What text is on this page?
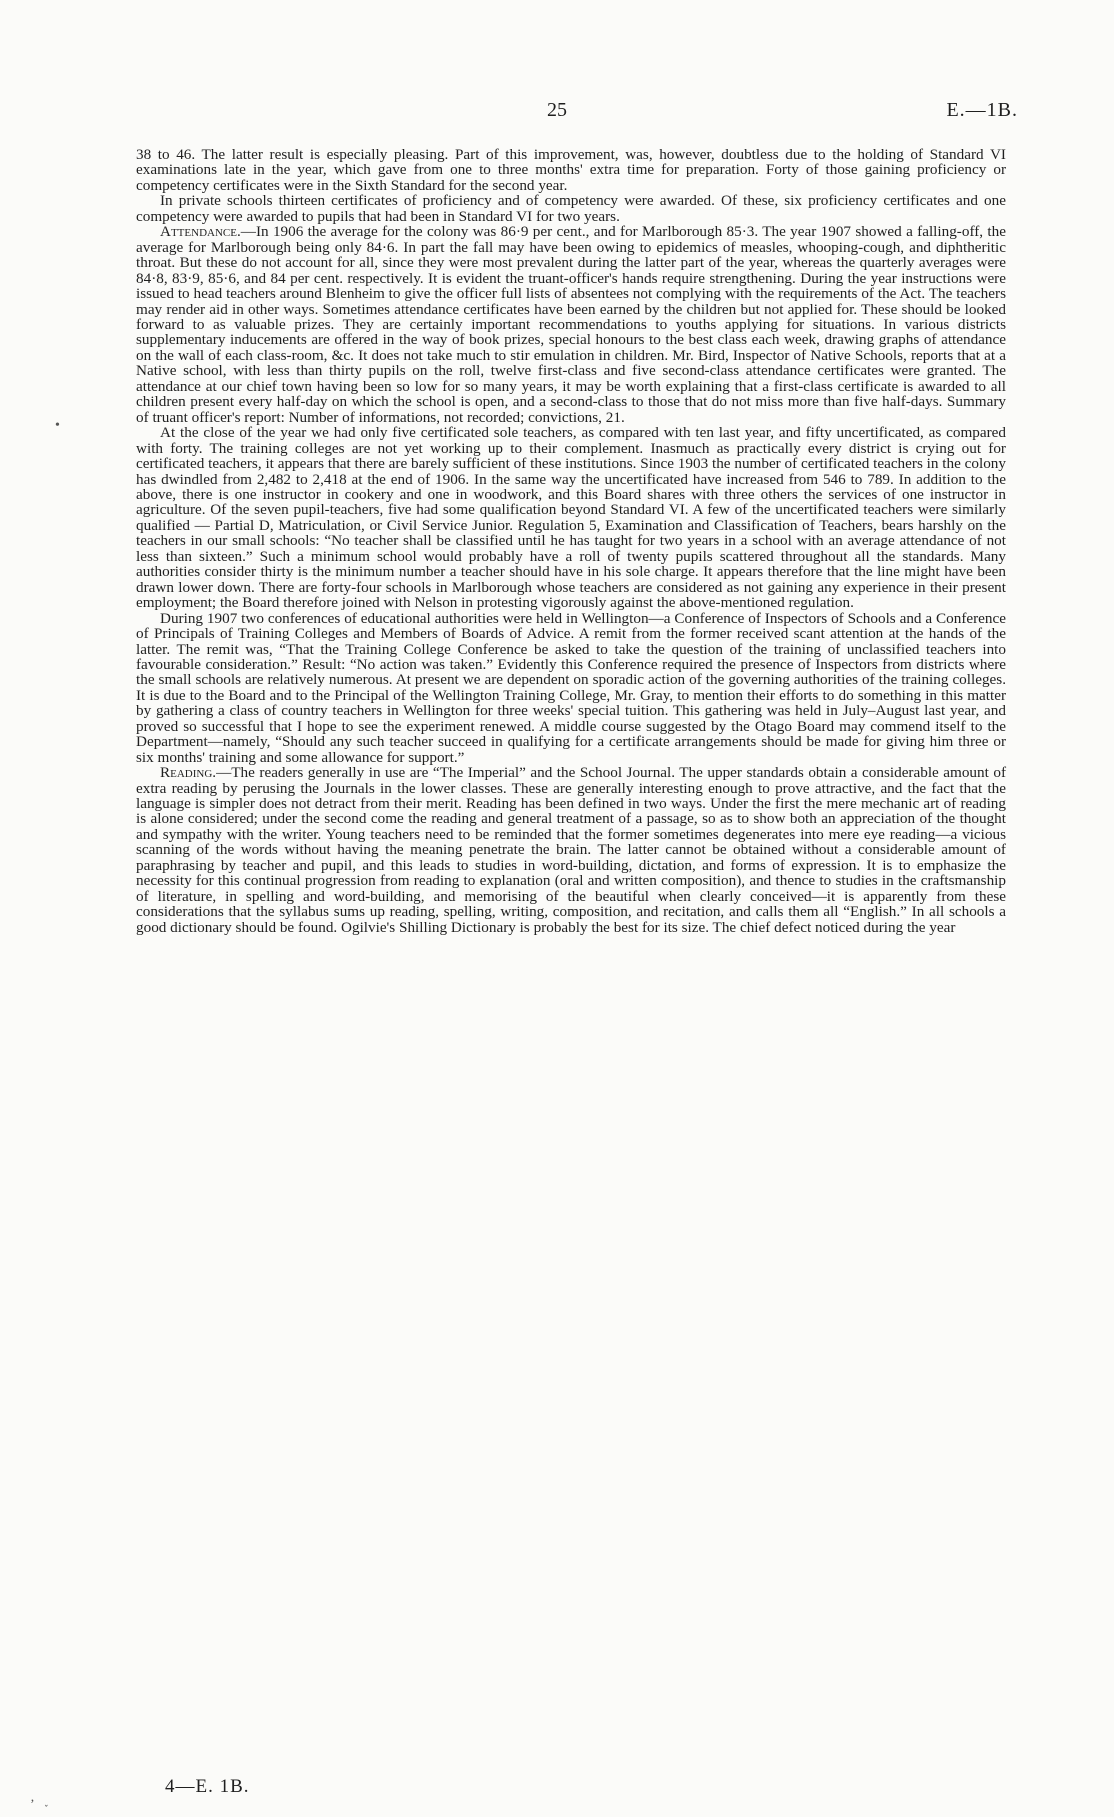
25	E.—1B.

38 to 46. The latter result is especially pleasing. Part of this improvement, was, however, doubtless due to the holding of Standard VI examinations late in the year, which gave from one to three months' extra time for preparation. Forty of those gaining proficiency or competency certificates were in the Sixth Standard for the second year.

In private schools thirteen certificates of proficiency and of competency were awarded. Of these, six proficiency certificates and one competency were awarded to pupils that had been in Standard VI for two years.

Attendance.—In 1906 the average for the colony was 86·9 per cent., and for Marlborough 85·3. The year 1907 showed a falling-off, the average for Marlborough being only 84·6. In part the fall may have been owing to epidemics of measles, whooping-cough, and diphtheritic throat. But these do not account for all, since they were most prevalent during the latter part of the year, whereas the quarterly averages were 84·8, 83·9, 85·6, and 84 per cent. respectively. It is evident the truant-officer's hands require strengthening. During the year instructions were issued to head teachers around Blenheim to give the officer full lists of absentees not complying with the requirements of the Act. The teachers may render aid in other ways. Sometimes attendance certificates have been earned by the children but not applied for. These should be looked forward to as valuable prizes. They are certainly important recommendations to youths applying for situations. In various districts supplementary inducements are offered in the way of book prizes, special honours to the best class each week, drawing graphs of attendance on the wall of each class-room, &c. It does not take much to stir emulation in children. Mr. Bird, Inspector of Native Schools, reports that at a Native school, with less than thirty pupils on the roll, twelve first-class and five second-class attendance certificates were granted. The attendance at our chief town having been so low for so many years, it may be worth explaining that a first-class certificate is awarded to all children present every half-day on which the school is open, and a second-class to those that do not miss more than five half-days. Summary of truant officer's report: Number of informations, not recorded; convictions, 21.

At the close of the year we had only five certificated sole teachers, as compared with ten last year, and fifty uncertificated, as compared with forty. The training colleges are not yet working up to their complement. Inasmuch as practically every district is crying out for certificated teachers, it appears that there are barely sufficient of these institutions. Since 1903 the number of certificated teachers in the colony has dwindled from 2,482 to 2,418 at the end of 1906. In the same way the uncertificated have increased from 546 to 789. In addition to the above, there is one instructor in cookery and one in woodwork, and this Board shares with three others the services of one instructor in agriculture. Of the seven pupil-teachers, five had some qualification beyond Standard VI. A few of the uncertificated teachers were similarly qualified — Partial D, Matriculation, or Civil Service Junior. Regulation 5, Examination and Classification of Teachers, bears harshly on the teachers in our small schools: “No teacher shall be classified until he has taught for two years in a school with an average attendance of not less than sixteen.” Such a minimum school would probably have a roll of twenty pupils scattered throughout all the standards. Many authorities consider thirty is the minimum number a teacher should have in his sole charge. It appears therefore that the line might have been drawn lower down. There are forty-four schools in Marlborough whose teachers are considered as not gaining any experience in their present employment; the Board therefore joined with Nelson in protesting vigorously against the above-mentioned regulation.

During 1907 two conferences of educational authorities were held in Wellington—a Conference of Inspectors of Schools and a Conference of Principals of Training Colleges and Members of Boards of Advice. A remit from the former received scant attention at the hands of the latter. The remit was, “That the Training College Conference be asked to take the question of the training of unclassified teachers into favourable consideration.” Result: “No action was taken.” Evidently this Conference required the presence of Inspectors from districts where the small schools are relatively numerous. At present we are dependent on sporadic action of the governing authorities of the training colleges. It is due to the Board and to the Principal of the Wellington Training College, Mr. Gray, to mention their efforts to do something in this matter by gathering a class of country teachers in Wellington for three weeks' special tuition. This gathering was held in July–August last year, and proved so successful that I hope to see the experiment renewed. A middle course suggested by the Otago Board may commend itself to the Department—namely, “Should any such teacher succeed in qualifying for a certificate arrangements should be made for giving him three or six months' training and some allowance for support.”

Reading.—The readers generally in use are “The Imperial” and the School Journal. The upper standards obtain a considerable amount of extra reading by perusing the Journals in the lower classes. These are generally interesting enough to prove attractive, and the fact that the language is simpler does not detract from their merit. Reading has been defined in two ways. Under the first the mere mechanic art of reading is alone considered; under the second come the reading and general treatment of a passage, so as to show both an appreciation of the thought and sympathy with the writer. Young teachers need to be reminded that the former sometimes degenerates into mere eye reading—a vicious scanning of the words without having the meaning penetrate the brain. The latter cannot be obtained without a considerable amount of paraphrasing by teacher and pupil, and this leads to studies in word-building, dictation, and forms of expression. It is to emphasize the necessity for this continual progression from reading to explanation (oral and written composition), and thence to studies in the craftsmanship of literature, in spelling and word-building, and memorising of the beautiful when clearly conceived—it is apparently from these considerations that the syllabus sums up reading, spelling, writing, composition, and recitation, and calls them all “English.” In all schools a good dictionary should be found. Ogilvie's Shilling Dictionary is probably the best for its size. The chief defect noticed during the year

4—E. 1B.
•
‚ ˯
